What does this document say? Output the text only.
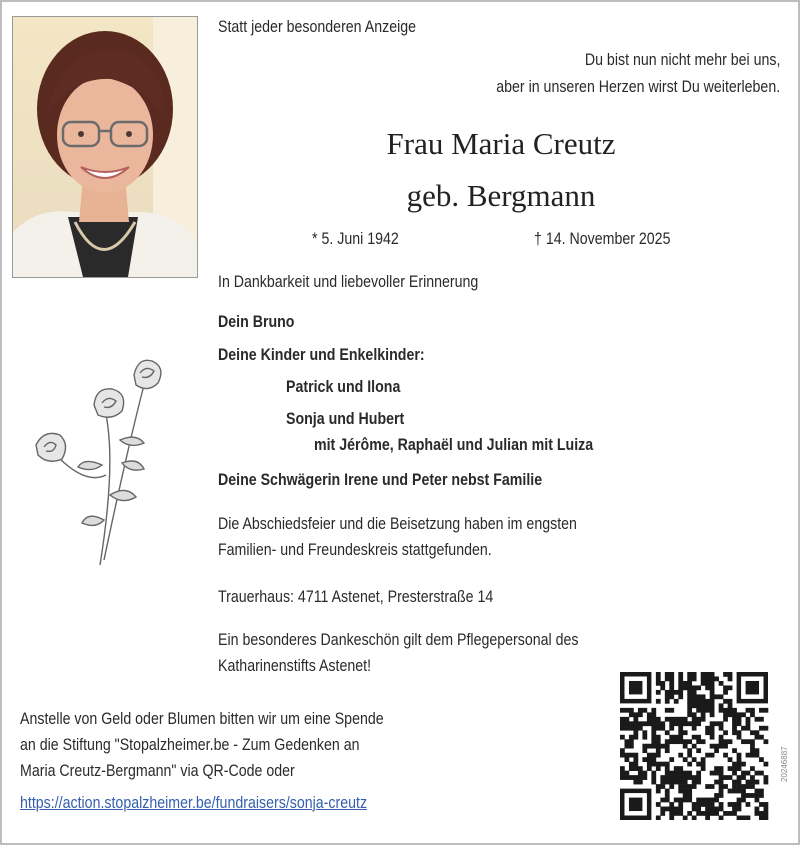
Statt jeder besonderen Anzeige
Du bist nun nicht mehr bei uns,
aber in unseren Herzen wirst Du weiterleben.
Frau Maria Creutz
geb. Bergmann
* 5. Juni 1942	† 14. November 2025
In Dankbarkeit und liebevoller Erinnerung
Dein Bruno
Deine Kinder und Enkelkinder:
Patrick und Ilona
Sonja und Hubert
mit Jérôme, Raphaël und Julian mit Luiza
Deine Schwägerin Irene und Peter nebst Familie
Die Abschiedsfeier und die Beisetzung haben im engsten
Familien- und Freundeskreis stattgefunden.
Trauerhaus: 4711 Astenet, Presterstraße 14
Ein besonderes Dankeschön gilt dem Pflegepersonal des
Katharinenstifts Astenet!
Anstelle von Geld oder Blumen bitten wir um eine Spende
an die Stiftung "Stopalzheimer.be - Zum Gedenken an
Maria Creutz-Bergmann" via QR-Code oder
https://action.stopalzheimer.be/fundraisers/sonja-creutz
20246887
